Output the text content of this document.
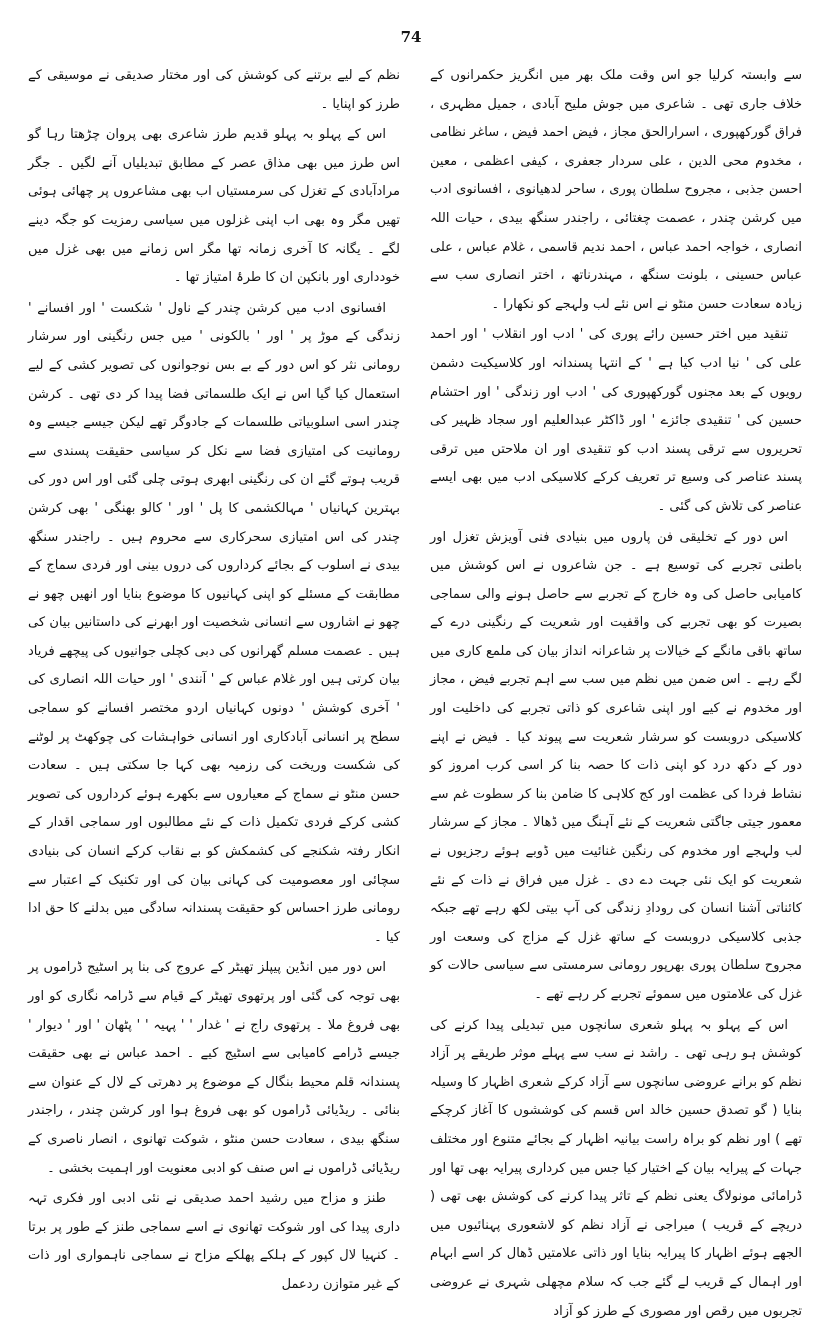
74

سے وابستہ کرلیا جو اس وقت ملک بھر میں انگریز حکمرانوں کے خلاف جاری تھی ۔ شاعری میں جوش ملیح آبادی ، جمیل مظہری ، فراق گورکھپوری ، اسرارالحق مجاز ، فیض احمد فیض ، ساغر نظامی ، مخدوم محی الدین ، علی سردار جعفری ، کیفی اعظمی ، معین احسن جذبی ، مجروح سلطان پوری ، ساحر لدھیانوی ، افسانوی ادب میں کرشن چندر ، عصمت چغتائی ، راجندر سنگھ بیدی ، حیات اللہ انصاری ، خواجہ احمد عباس ، احمد ندیم قاسمی ، غلام عباس ، علی عباس حسینی ، بلونت سنگھ ، مہندرناتھ ، اختر انصاری سب سے زیادہ سعادت حسن منٹو نے اس نئے لب ولہجے کو نکھارا ۔

تنقید میں اختر حسین رائے پوری کی ' ادب اور انقلاب ' اور احمد علی کی ' نیا ادب کیا ہے ' کے انتہا پسندانہ اور کلاسیکیت دشمن رویوں کے بعد مجنوں گورکھپوری کی ' ادب اور زندگی ' اور احتشام حسین کی ' تنقیدی جائزے ' اور ڈاکٹر عبدالعلیم اور سجاد ظہیر کی تحریروں سے ترقی پسند ادب کو تنقیدی اور ان ملاحتں میں ترقی پسند عناصر کی وسیع تر تعریف کرکے کلاسیکی ادب میں بھی ایسے عناصر کی تلاش کی گئی ۔

اس دور کے تخلیقی فن پاروں میں بنیادی فنی آویزش تغزل اور باطنی تجربے کی توسیع ہے ۔ جن شاعروں نے اس کوشش میں کامیابی حاصل کی وہ خارج کے تجربے سے حاصل ہونے والی سماجی بصیرت کو بھی تجربے کی واقفیت اور شعریت کے رنگینی درے کے ساتھ باقی مانگے کے خیالات پر شاعرانہ انداز بیان کی ملمع کاری میں لگے رہے ۔ اس ضمن میں نظم میں سب سے اہم تجربے فیض ، مجاز اور مخدوم نے کیے اور اپنی شاعری کو ذاتی تجربے کی داخلیت اور کلاسیکی دروبست کو سرشار شعریت سے پیوند کیا ۔ فیض نے اپنے دور کے دکھ درد کو اپنی ذات کا حصہ بنا کر اسی کرب امروز کو نشاط فردا کی عظمت اور کج کلاہی کا ضامن بنا کر سطوت غم سے معمور جیتی جاگتی شعریت کے نئے آہنگ میں ڈھالا ۔ مجاز کے سرشار لب ولہجے اور مخدوم کی رنگین غنائیت میں ڈوبے ہوئے رجزیوں نے شعریت کو ایک نئی جہت دے دی ۔ غزل میں فراق نے ذات کے نئے کائناتی آشنا انسان کی رودادِ زندگی کی آپ بیتی لکھ رہے تھے جبکہ جذبی کلاسیکی دروبست کے ساتھ غزل کے مزاج کی وسعت اور مجروح سلطان پوری بھرپور رومانی سرمستی سے سیاسی حالات کو غزل کی علامتوں میں سموئے تجربے کر رہے تھے ۔

اس کے پہلو بہ پہلو شعری سانچوں میں تبدیلی پیدا کرنے کی کوشش ہو رہی تھی ۔ راشد نے سب سے پہلے موثر طریقے پر آزاد نظم کو برانے عروضی سانچوں سے آزاد کرکے شعری اظہار کا وسیلہ بنایا ( گو تصدق حسین خالد اس قسم کی کوششوں کا آغاز کرچکے تھے ) اور نظم کو براہ راست بیانیہ اظہار کے بجائے متنوع اور مختلف جہات کے پیرایہ بیان کے اختیار کیا جس میں کرداری پیرایہ بھی تھا اور ڈرامائی مونولاگ یعنی نظم کے تاثر پیدا کرنے کی کوشش بھی تھی ( دریچے کے قریب ) میراجی نے آزاد نظم کو لاشعوری پہنائیوں میں الجھے ہوئے اظہار کا پیرایہ بنایا اور ذاتی علامتیں ڈھال کر اسے ابہام اور اہمال کے قریب لے گئے جب کہ سلام مچھلی شہری نے عروضی تجربوں میں رقص اور مصوری کے طرز کو آزاد

نظم کے لیے برتنے کی کوشش کی اور مختار صدیقی نے موسیقی کے طرز کو اپنایا ۔

اس کے پہلو بہ پہلو قدیم طرز شاعری بھی پروان چڑھتا رہا گو اس طرز میں بھی مذاق عصر کے مطابق تبدیلیاں آنے لگیں ۔ جگر مرادآبادی کے تغزل کی سرمستیاں اب بھی مشاعروں پر چھائی ہوئی تھیں مگر وہ بھی اب اپنی غزلوں میں سیاسی رمزیت کو جگہ دینے لگے ۔ یگانہ کا آخری زمانہ تھا مگر اس زمانے میں بھی غزل میں خودداری اور بانکپن ان کا طرۂ امتیاز تھا ۔

افسانوی ادب میں کرشن چندر کے ناول ' شکست ' اور افسانے ' زندگی کے موڑ پر ' اور ' بالکونی ' میں جس رنگینی اور سرشار رومانی نثر کو اس دور کے بے بس نوجوانوں کی تصویر کشی کے لیے استعمال کیا گیا اس نے ایک طلسماتی فضا پیدا کر دی تھی ۔ کرشن چندر اسی اسلوبیاتی طلسمات کے جادوگر تھے لیکن جیسے جیسے وہ رومانیت کی امتیازی فضا سے نکل کر سیاسی حقیقت پسندی سے قریب ہوتے گئے ان کی رنگینی ابھری ہوتی چلی گئی اور اس دور کی بہترین کہانیاں ' مہالکشمی کا پل ' اور ' کالو بھنگی ' بھی کرشن چندر کی اس امتیازی سحرکاری سے محروم ہیں ۔ راجندر سنگھ بیدی نے اسلوب کے بجائے کرداروں کی دروں بینی اور فردی سماج کے مطابقت کے مسئلے کو اپنی کہانیوں کا موضوع بنایا اور انھیں چھو نے چھو نے اشاروں سے انسانی شخصیت اور ابھرنے کی داستانیں بیان کی ہیں ۔ عصمت مسلم گھرانوں کی دبی کچلی جوانیوں کی پیچھے فریاد بیان کرتی ہیں اور غلام عباس کے ' آنندی ' اور حیات اللہ انصاری کی ' آخری کوشش ' دونوں کہانیاں اردو مختصر افسانے کو سماجی سطح پر انسانی آبادکاری اور انسانی خواہشات کی چوکھٹ پر لوٹنے کی شکست وریخت کی رزمیہ بھی کہا جا سکتی ہیں ۔ سعادت حسن منٹو نے سماج کے معیاروں سے بکھرے ہوئے کرداروں کی تصویر کشی کرکے فردی تکمیل ذات کے نئے مطالبوں اور سماجی اقدار کے انکار رفتہ شکنجے کی کشمکش کو بے نقاب کرکے انسان کی بنیادی سچائی اور معصومیت کی کہانی بیان کی اور تکنیک کے اعتبار سے رومانی طرز احساس کو حقیقت پسندانہ سادگی میں بدلنے کا حق ادا کیا ۔

اس دور میں انڈین پیپلز تھیٹر کے عروج کی بنا پر اسٹیج ڈراموں پر بھی توجہ کی گئی اور پرتھوی تھیٹر کے قیام سے ڈرامہ نگاری کو اور بھی فروغ ملا ۔ پرتھوی راج نے ' غدار ' ' پہیہ ' ' پٹھان ' اور ' دیوار ' جیسے ڈرامے کامیابی سے اسٹیج کیے ۔ احمد عباس نے بھی حقیقت پسندانہ قلم محیط بنگال کے موضوع پر دھرتی کے لال کے عنوان سے بنائی ۔ ریڈیائی ڈراموں کو بھی فروغ ہوا اور کرشن چندر ، راجندر سنگھ بیدی ، سعادت حسن منٹو ، شوکت تھانوی ، انصار ناصری کے ریڈیائی ڈراموں نے اس صنف کو ادبی معنویت اور اہمیت بخشی ۔

طنز و مزاح میں رشید احمد صدیقی نے نئی ادبی اور فکری تہہ داری پیدا کی اور شوکت تھانوی نے اسے سماجی طنز کے طور پر برتا ۔ کنہیا لال کپور کے ہلکے پھلکے مزاح نے سماجی ناہمواری اور ذات کے غیر متوازن ردعمل
